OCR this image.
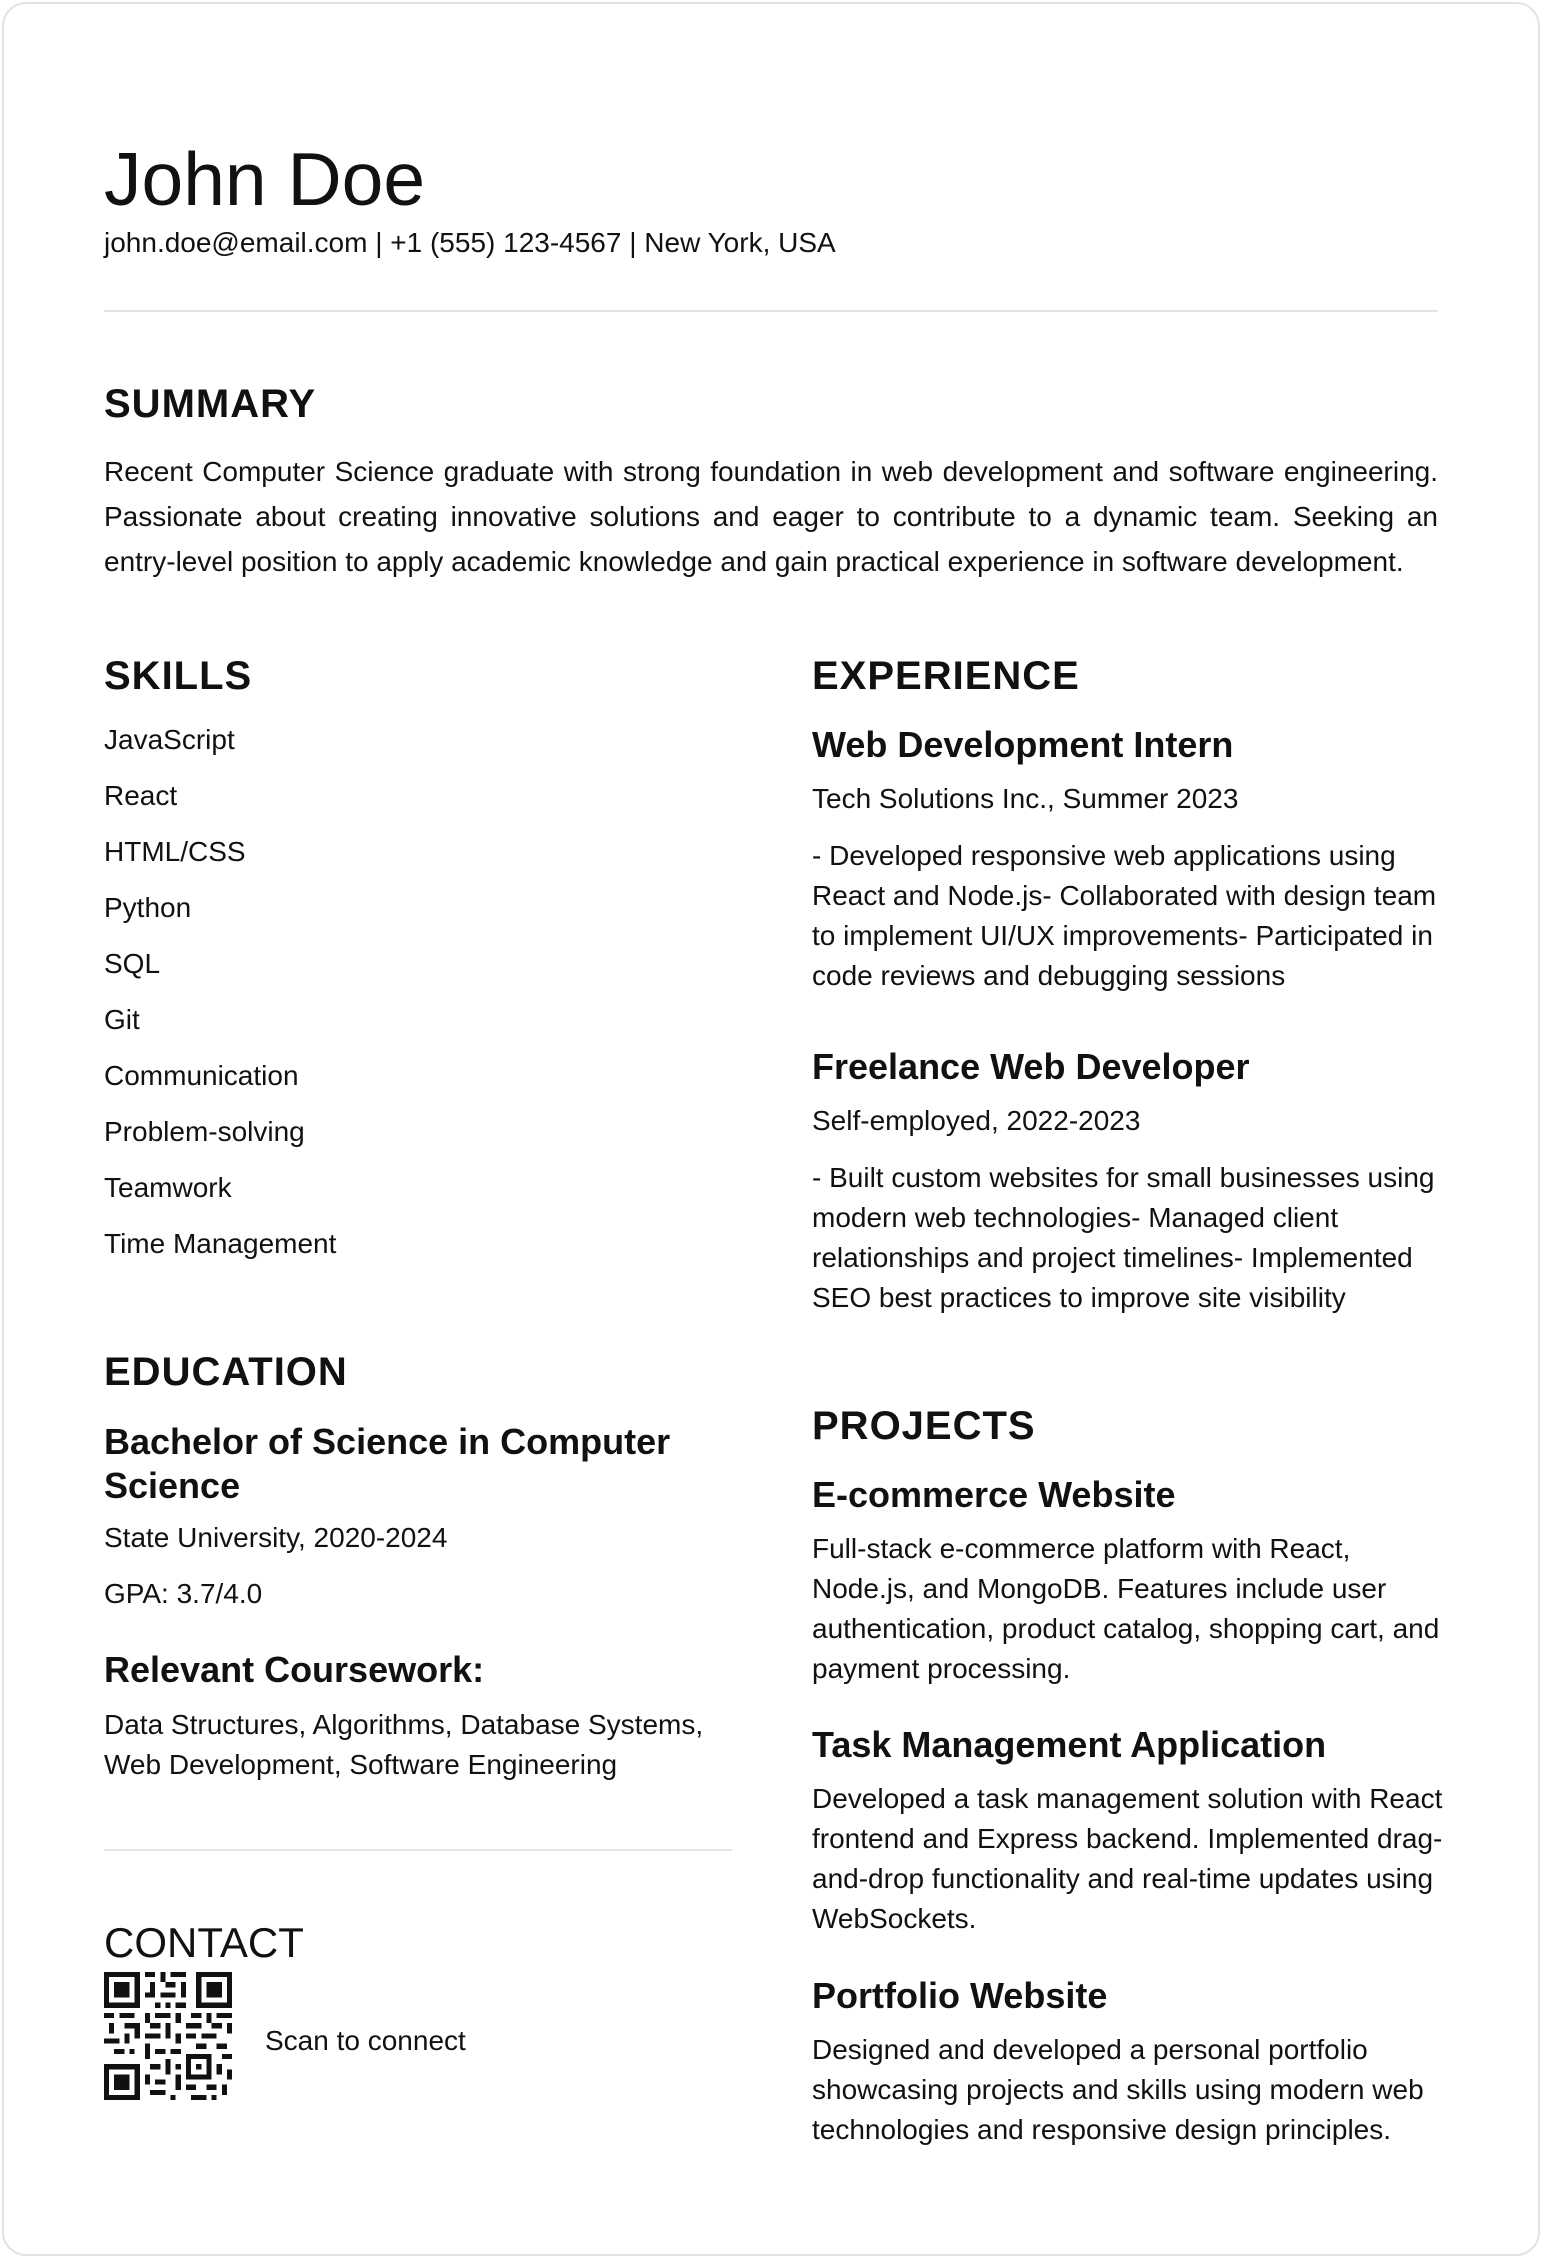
John Doe
john.doe@email.com | +1 (555) 123-4567 | New York, USA
SUMMARY
Recent Computer Science graduate with strong foundation in web development and software engineering. Passionate about creating innovative solutions and eager to contribute to a dynamic team. Seeking an entry-level position to apply academic knowledge and gain practical experience in software development.
SKILLS
JavaScript
React
HTML/CSS
Python
SQL
Git
Communication
Problem-solving
Teamwork
Time Management
EDUCATION
Bachelor of Science in Computer Science
State University, 2020-2024
GPA: 3.7/4.0
Relevant Coursework:
Data Structures, Algorithms, Database Systems, Web Development, Software Engineering
CONTACT
Scan to connect
EXPERIENCE
Web Development Intern
Tech Solutions Inc., Summer 2023
- Developed responsive web applications using React and Node.js- Collaborated with design team to implement UI/UX improvements- Participated in code reviews and debugging sessions
Freelance Web Developer
Self-employed, 2022-2023
- Built custom websites for small businesses using modern web technologies- Managed client relationships and project timelines- Implemented SEO best practices to improve site visibility
PROJECTS
E-commerce Website
Full-stack e-commerce platform with React, Node.js, and MongoDB. Features include user authentication, product catalog, shopping cart, and payment processing.
Task Management Application
Developed a task management solution with React frontend and Express backend. Implemented drag-and-drop functionality and real-time updates using WebSockets.
Portfolio Website
Designed and developed a personal portfolio showcasing projects and skills using modern web technologies and responsive design principles.
